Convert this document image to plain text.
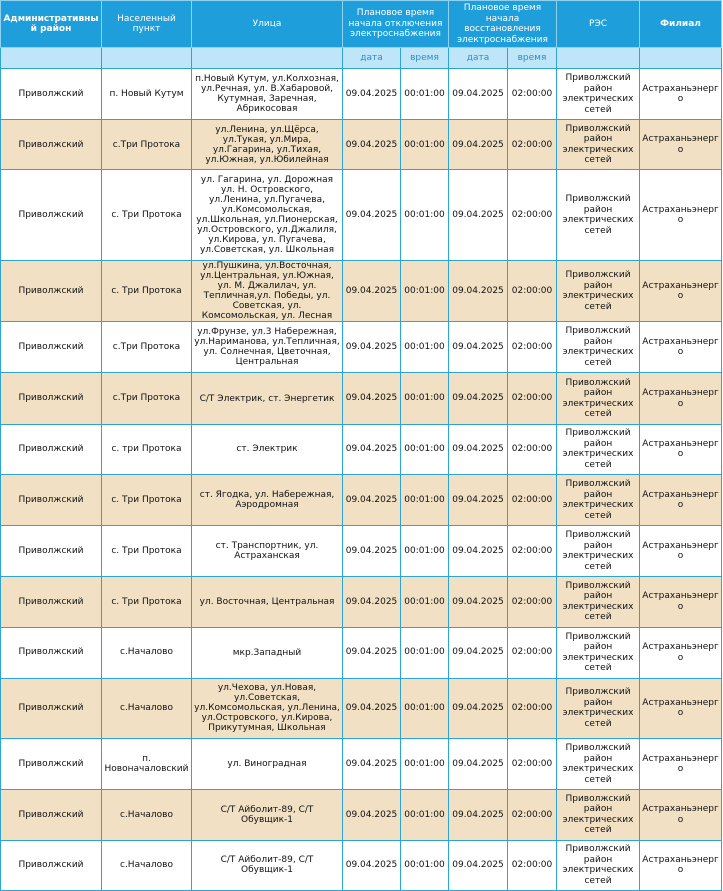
Административный район	Населенный пункт	Улица	Плановое время начала отключения электроснабжения		Плановое время начала восстановления электроснабжения		РЭС	Филиал
			дата	время	дата	время		
Приволжский	п. Новый Кутум	п.Новый Кутум, ул.Колхозная, ул.Речная, ул. В.Хабаровой, Кутумная, Заречная, Абрикосовая	09.04.2025	00:01:00	09.04.2025	02:00:00	Приволжский район электрических сетей	Астраханьэнерго
Приволжский	с.Три Протока	ул.Ленина, ул.Щёрса, ул.Тукая, ул.Мира, ул.Гагарина, ул.Тихая, ул.Южная, ул.Юбилейная	09.04.2025	00:01:00	09.04.2025	02:00:00	Приволжский район электрических сетей	Астраханьэнерго
Приволжский	с. Три Протока	ул. Гагарина, ул. Дорожная ул. Н. Островского, ул.Ленина, ул.Пугачева, ул.Комсомольская, ул.Школьная, ул.Пионерская, ул.Островского, ул.Джалиля, ул.Кирова, ул. Пугачева, ул.Советская, ул. Школьная	09.04.2025	00:01:00	09.04.2025	02:00:00	Приволжский район электрических сетей	Астраханьэнерго
Приволжский	с. Три Протока	ул.Пушкина, ул.Восточная, ул.Центральная, ул.Южная, ул. М. Джалилач, ул. Тепличная,ул. Победы, ул. Советская, ул. Комсомольская, ул. Лесная	09.04.2025	00:01:00	09.04.2025	02:00:00	Приволжский район электрических сетей	Астраханьэнерго
Приволжский	с.Три Протока	ул.Фрунзе, ул.3 Набережная, ул.Нариманова, ул.Тепличная, ул. Солнечная, Цветочная, Центральная	09.04.2025	00:01:00	09.04.2025	02:00:00	Приволжский район электрических сетей	Астраханьэнерго
Приволжский	с.Три Протока	С/Т Электрик, ст. Энергетик	09.04.2025	00:01:00	09.04.2025	02:00:00	Приволжский район электрических сетей	Астраханьэнерго
Приволжский	с. три Протока	ст. Электрик	09.04.2025	00:01:00	09.04.2025	02:00:00	Приволжский район электрических сетей	Астраханьэнерго
Приволжский	с. Три Протока	ст. Ягодка, ул. Набережная, Аэродромная	09.04.2025	00:01:00	09.04.2025	02:00:00	Приволжский район электрических сетей	Астраханьэнерго
Приволжский	с. Три Протока	ст. Транспортник, ул. Астраханская	09.04.2025	00:01:00	09.04.2025	02:00:00	Приволжский район электрических сетей	Астраханьэнерго
Приволжский	с. Три Протока	ул. Восточная, Центральная	09.04.2025	00:01:00	09.04.2025	02:00:00	Приволжский район электрических сетей	Астраханьэнерго
Приволжский	с.Началово	мкр.Западный	09.04.2025	00:01:00	09.04.2025	02:00:00	Приволжский район электрических сетей	Астраханьэнерго
Приволжский	с.Началово	ул.Чехова, ул.Новая, ул.Советская, ул.Комсомольская, ул.Ленина, ул.Островского, ул.Кирова, Прикутумная, Школьная	09.04.2025	00:01:00	09.04.2025	02:00:00	Приволжский район электрических сетей	Астраханьэнерго
Приволжский	п. Новоначаловский	ул. Виноградная	09.04.2025	00:01:00	09.04.2025	02:00:00	Приволжский район электрических сетей	Астраханьэнерго
Приволжский	с.Началово	С/Т Айболит-89, С/Т Обувщик-1	09.04.2025	00:01:00	09.04.2025	02:00:00	Приволжский район электрических сетей	Астраханьэнерго
Приволжский	с.Началово	С/Т Айболит-89, С/Т Обувщик-1	09.04.2025	00:01:00	09.04.2025	02:00:00	Приволжский район электрических сетей	Астраханьэнерго
